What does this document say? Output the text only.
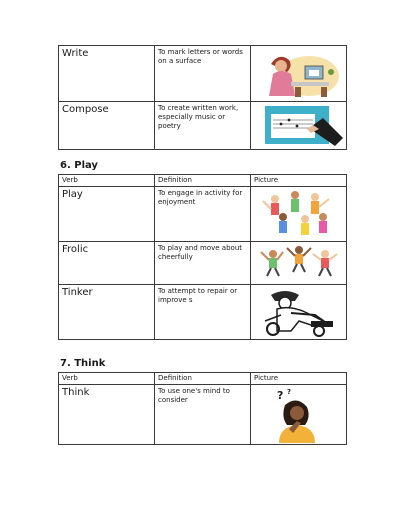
Write	To mark letters or words on a surface	

Compose	To create written work, especially music or poetry	
6. Play
Verb	Definition	Picture
Play	To engage in activity for enjoyment	

Frolic	To play and move about cheerfully	

Tinker	To attempt to repair or improve s	
7. Think
Verb	Definition	Picture
Think	To use one's mind to consider	? ?
